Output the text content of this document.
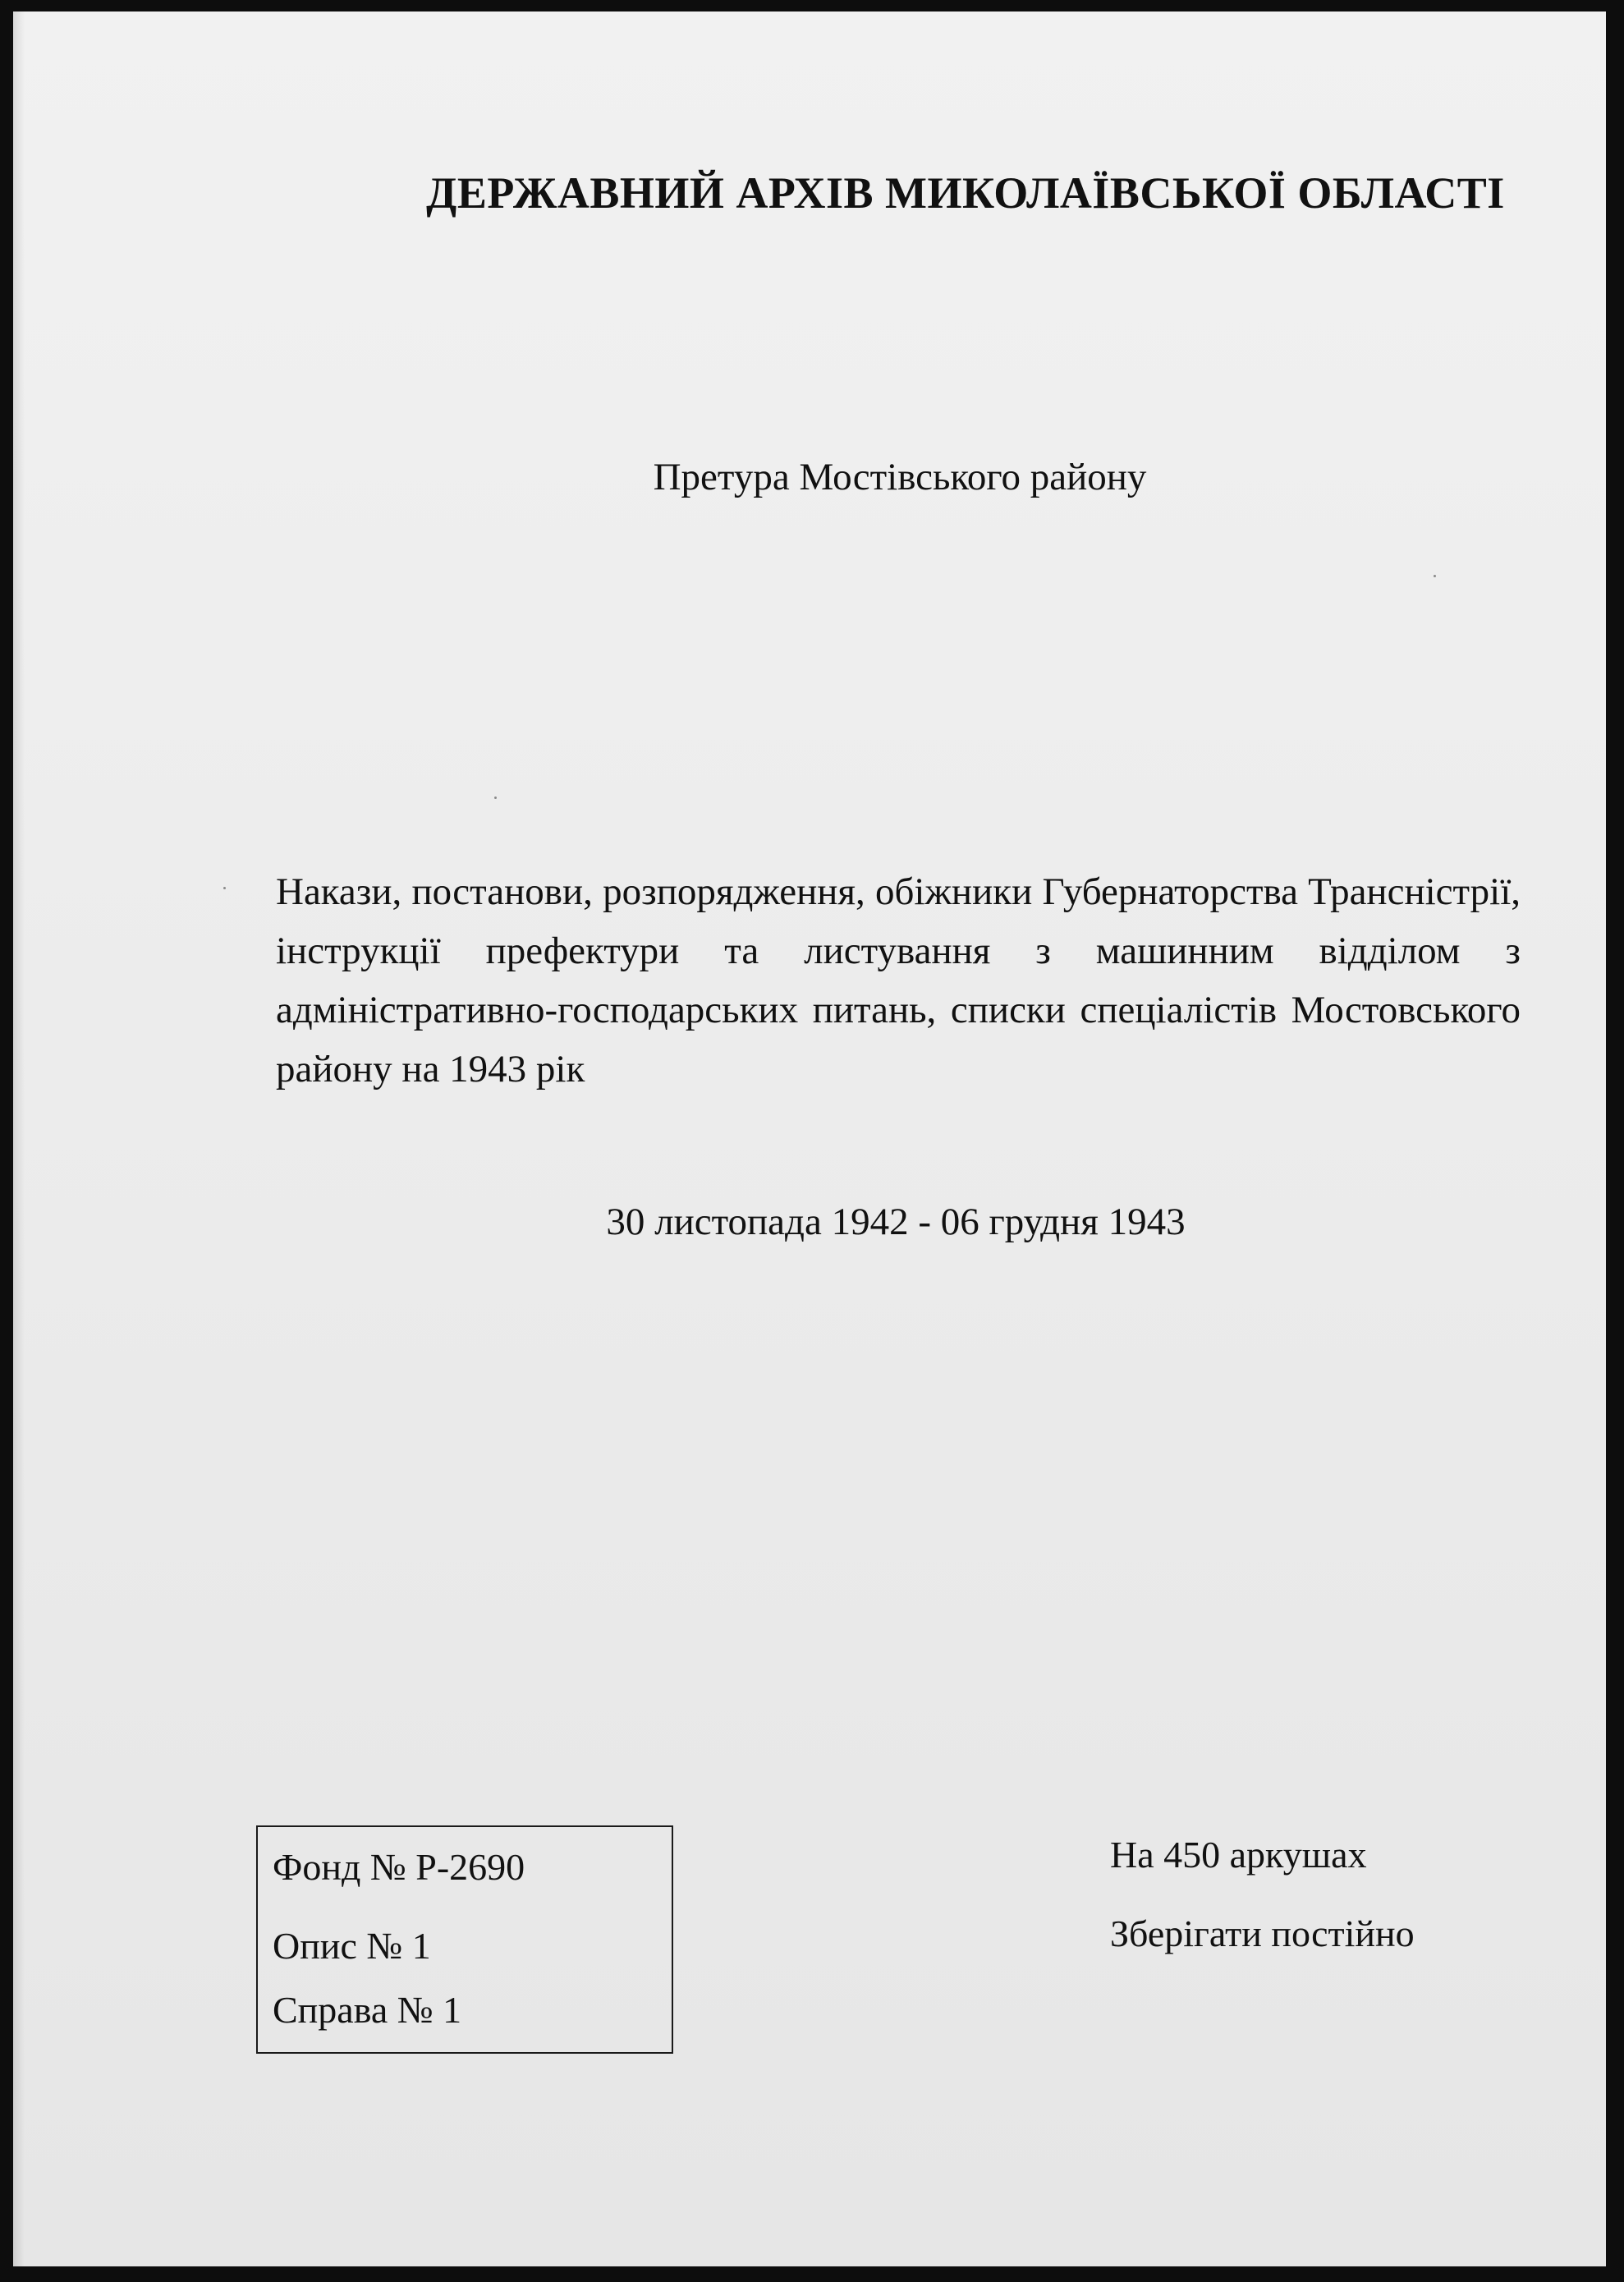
ДЕРЖАВНИЙ АРХІВ МИКОЛАЇВСЬКОЇ ОБЛАСТІ

Претура Мостівського району

Накази, постанови, розпорядження, обіжники Губернаторства Трансністрії, інструкції префектури та листування з машинним відділом з адміністративно-господарських питань, списки спеціалістів Мостовського району на 1943 рік

30 листопада 1942 - 06 грудня 1943

Фонд № Р-2690
Опис № 1
Справа № 1
На 450 аркушах
Зберігати постійно
